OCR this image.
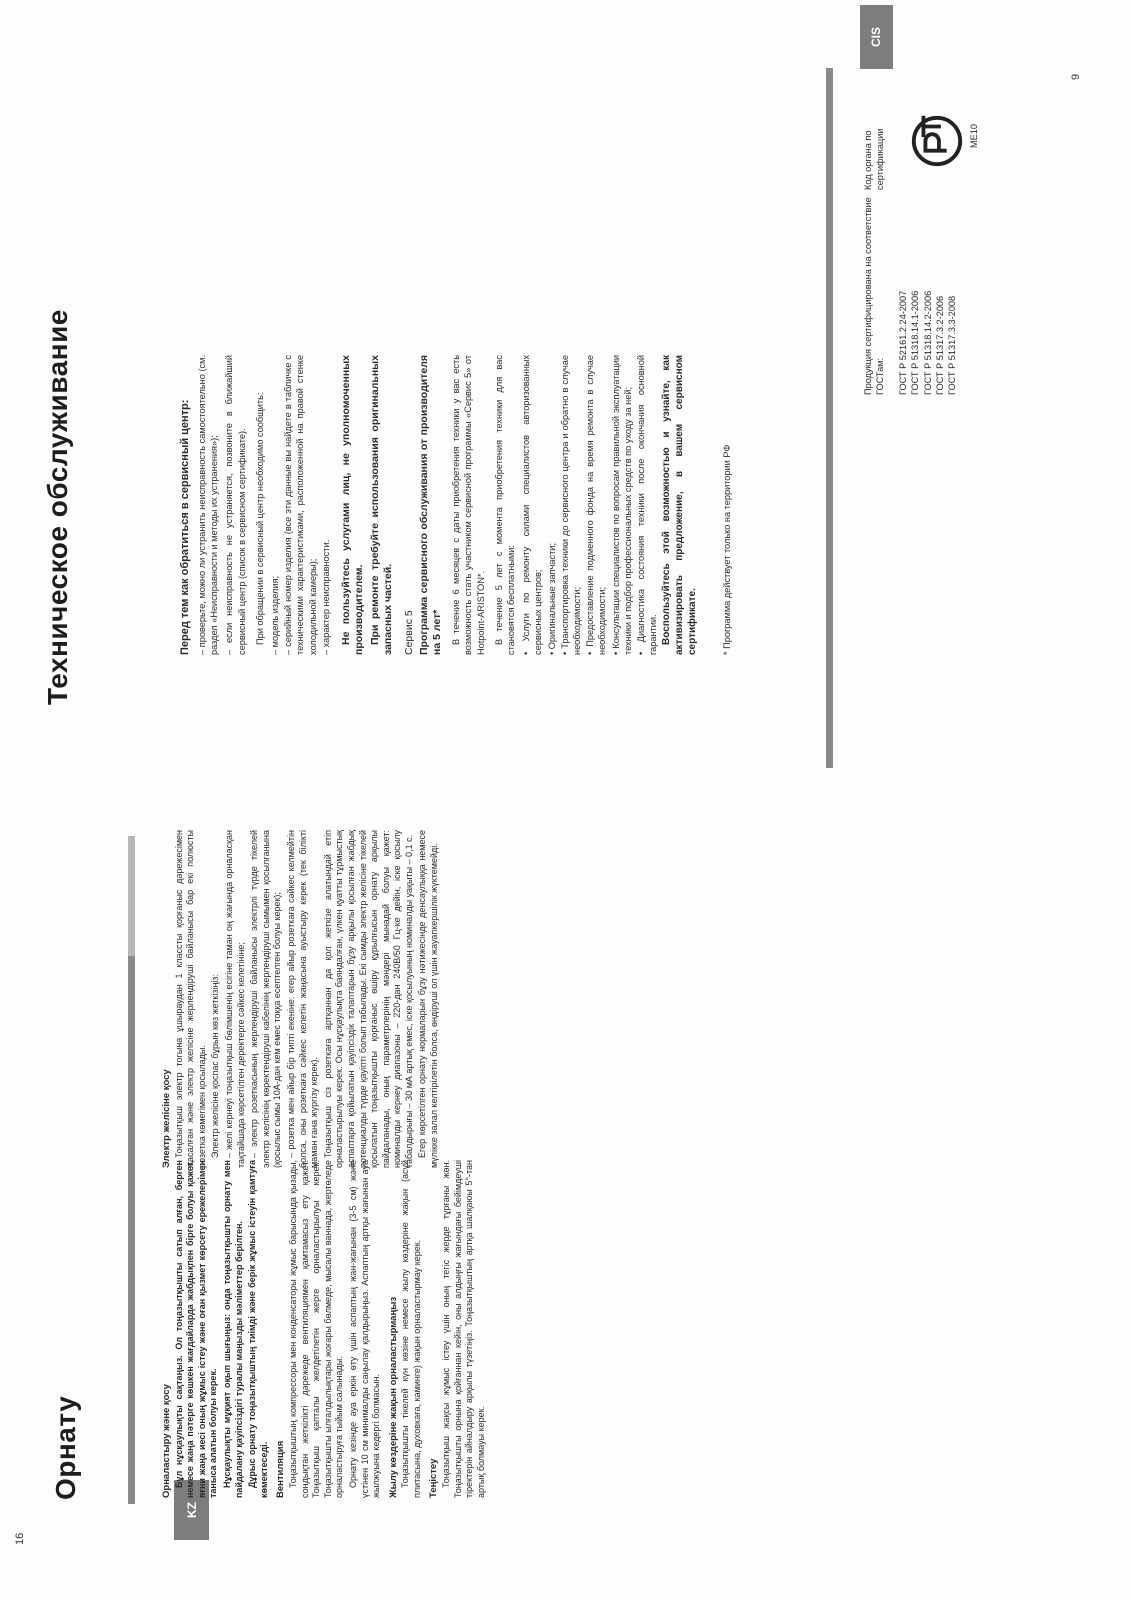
KZ
Орнату
16
Орналастыру және қосу Бұл нұсқаулықты сақтаңыз. Ол тоңазытқышты сатып алған, берген немесе жаңа пәтерге көшкен жағдайларда жабдықпен бірге болуы қажет, яғни жаңа иесі оның жұмыс істеу және оған қызмет көрсету ережелерімен танысa алатын болуы керек. Нұсқаулықты мұқият оқып шығыңыз: онда тоңазытқышты орнату мен пайдалану қауіпсіздігі туралы маңызды мәліметтер берілген. Дұрыс орнату тоңазытқыштың тиімді және берік жұмыс істеуін қамтуға көмектеседі. Вентиляция Тоңазытқыштың компрессоры мен конденсаторы жұмыс барысында қызады, сондықтан жеткілікті дәрежеде вентиляциямен қамтамасыз ету қажет. Тоңазытқыш қапталы желдетілетін жерге орналастырылуы керек. Тоңазытқышты ылғалдылықтары жоғары бөлмеде, мысалы ваннада, жертөледе орналастыруға тыйым салынады. Орнату кезінде ауа еркін өту үшін аспаптың жан-жағынан (3-5 см) және үстінен 10 см минималды саңылау қалдырыңыз. Аспаптың артқы жағынан ауа жылжуына кедергі болмасын. Жылу көздеріне жақын орналастырмаңыз Тоңазытқышты тікелей күн көзіне немесе жылу көздеріне жақын (асүй плитасына, духовкаға, каминге) жақын орналастырмау керек. Теңістеу Тоңазытқыш жақсы жұмыс істеу үшін оның тегіс жерде тұрғаны жөн. Тоңазытқышты орнына қойғаннан кейін, оны алдыңғы жағындағы бейімдеуші тіректерін айналдыру арқылы түзетіңіз. Тоңазытқыштың артқа шалқаюы 5°-тан артық болмауы керек.

Электр желісіне қосу Тоңазытқыш электр тогына ұшыраудан 1 классты қорғаныс дәрежесімен жасалған және электр желісіне жерлендіруші байланысы бар екі полюсты розетка көмегімен қосылады. Электр желісіне қоспас бұрын көз жеткізіңіз: – желі кернеуі тоңазытқыш бөлімшенің есігіне таман оң жағында орналасқан тақтайшада көрсетілген деректерге сәйкес келетініне; – электр розеткасының жерлендіруші байланысы электрлі түрде тікелей электр желісінің көректендіруші кабелінің жерлендіруші сымымен қосылғанына (қосылыс сымы 10А-дан кем емес тоққа есептелген болуы керек); – розетка мен айыр бір типті екеніне: егер айыр розеткаға сәйкес келмейтін болса, оны розеткаға сәйкес келетін жаңасына ауыстыру керек (тек білікті маман ғана жүргізу керек). Тоңазытқыш сіз розеткаға артқаннан да қол жеткізе алатындай етіп орналастырылуы керек. Осы нұсқаулықта баяндалған, үлкен қуатты тұрмыстық аспаптарға қойылатын қауіпсіздік талаптарын бұзу арқылы қосылған жабдық потенциалды түрде қауіпті болып табылады. Екі сымды электр желісіне тікелей қосылатын тоңазытқышты қорғаныс өшіру құрылғысын орнату арқылы пайдаланады, оның параметрлерінің мәндері мынадай болуы қажет: номиналды кернеу диапазоны – 220-дан 240В/50 Гц-ке дейін, іске қосылу табалдырығы – 30 мА артық емес, іске қосылуының номиналды уақыты – 0,1 с. Егер көрсетілген орнату нормаларын бұзу нәтижесінде денсаулыққа немесе мүлікке залал келтірілетін болса, өндіруші ол үшін жауапкершілік жүктемейді.

CIS
Техническое обслуживание
9
Перед тем как обратиться в сервисный центр: – проверьте, можно ли устранить неисправность самостоятельно (см. раздел «Неисправности и методы их устранения»); – если неисправность не устраняется, позвоните в ближайший сервисный центр (список в сервисном сертификате). При обращении в сервисный центр необходимо сообщить: – модель изделия; – серийный номер изделия (все эти данные вы найдете в табличке с техническими характеристиками, расположенной на правой стенке холодильной камеры); – характер неисправности. Не пользуйтесь услугами лиц, не уполномоченных производителем. При ремонте требуйте использования оригинальных запасных частей. Сервис 5 Программа сервисного обслуживания от производителя на 5 лет* В течение 6 месяцев с даты приобретения техники у вас есть возможность стать участником сервисной программы «Сервис 5» от Hotpoint-ARISTON*. В течение 5 лет с момента приобретения техники для вас становятся бесплатными: • Услуги по ремонту силами специалистов авторизованных сервисных центров; • Оригинальные запчасти; • Транспортировка техники до сервисного центра и обратно в случае необходимости; • Предоставление подменного фонда на время ремонта в случае необходимости; • Консультации специалистов по вопросам правильной эксплуатации техники и подбор профессиональных средств по уходу за ней; • Диагностика состояния техники после окончания основной гарантии. Воспользуйтесь этой возможностью и узнайте, как активизировать предложение, в вашем сервисном сертификате.	* Программа действует только на территории РФ

Продукция сертифицирована на соответствие ГОСТам: ГОСТ Р 52161.2.24-2007 ГОСТ Р 51318.14.1-2006 ГОСТ Р 51318.14.2-2006 ГОСТ Р 51317.3.2-2006 ГОСТ Р 51317.3.3-2008
Код органа по сертификации	МЕ10
